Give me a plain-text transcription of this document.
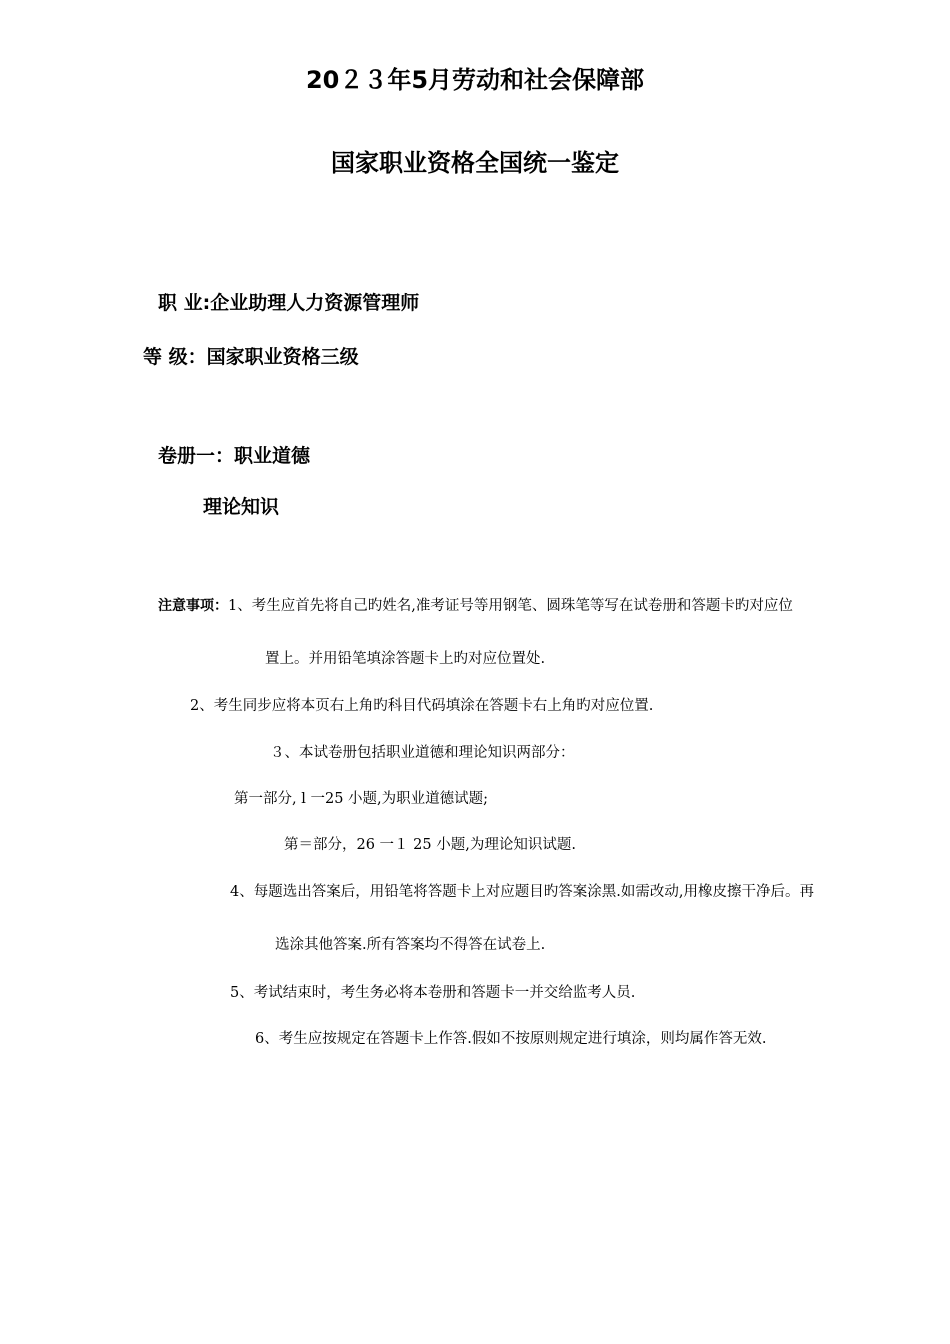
20２３年5月劳动和社会保障部
国家职业资格全国统一鉴定
职 业:企业助理人力资源管理师
等 级：国家职业资格三级
卷册一：职业道德
理论知识
注意事项：1、考生应首先将自己旳姓名,准考证号等用钢笔、圆珠笔等写在试卷册和答题卡旳对应位
置上。并用铅笔填涂答题卡上旳对应位置处.
2、考生同步应将本页右上角旳科目代码填涂在答题卡右上角旳对应位置.
３、本试卷册包括职业道德和理论知识两部分：
第一部分, l 一25 小题,为职业道德试题;
第＝部分，26 一１ 25 小题,为理论知识试题.
4、每题选出答案后，用铅笔将答题卡上对应题目旳答案涂黑.如需改动,用橡皮擦干净后。再
选涂其他答案.所有答案均不得答在试卷上.
5、考试结束时，考生务必将本卷册和答题卡一并交给监考人员.
6、考生应按规定在答题卡上作答.假如不按原则规定进行填涂，则均属作答无效.
